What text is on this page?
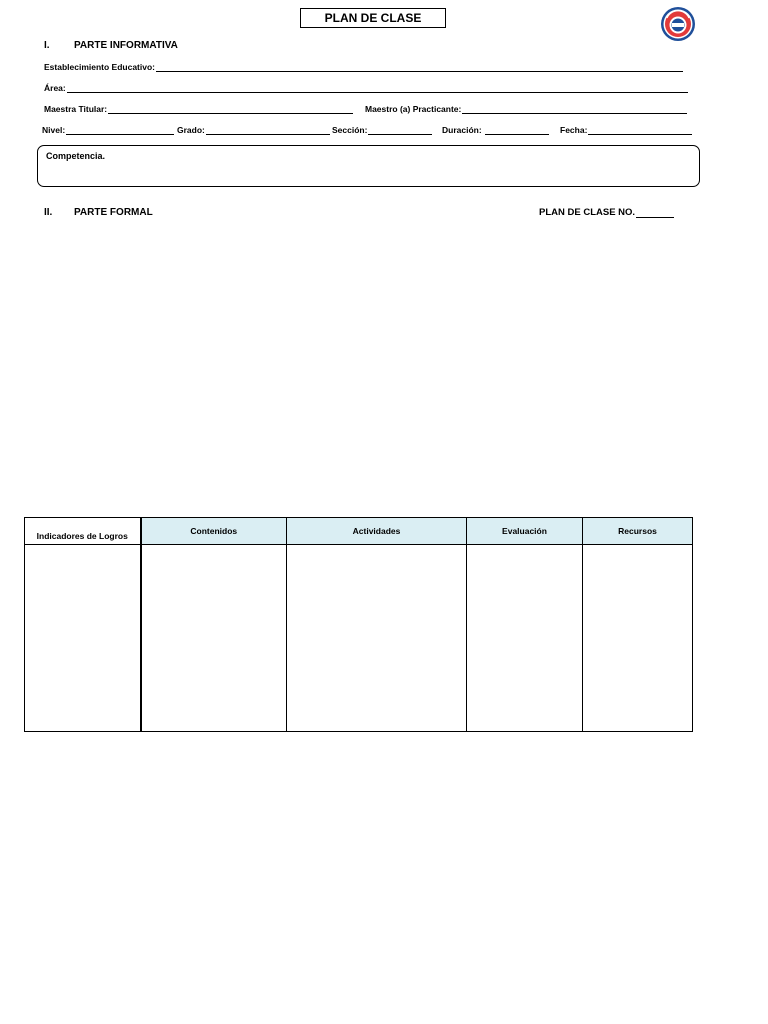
PLAN DE CLASE
I. PARTE INFORMATIVA
Establecimiento Educativo:
Área:
Maestra Titular:	Maestro (a) Practicante:
Nivel:	Grado:	Sección:	Duración:	Fecha:
Competencia.
II. PARTE FORMAL	PLAN DE CLASE NO.
Indicadores de Logros	Contenidos	Actividades	Evaluación	Recursos
